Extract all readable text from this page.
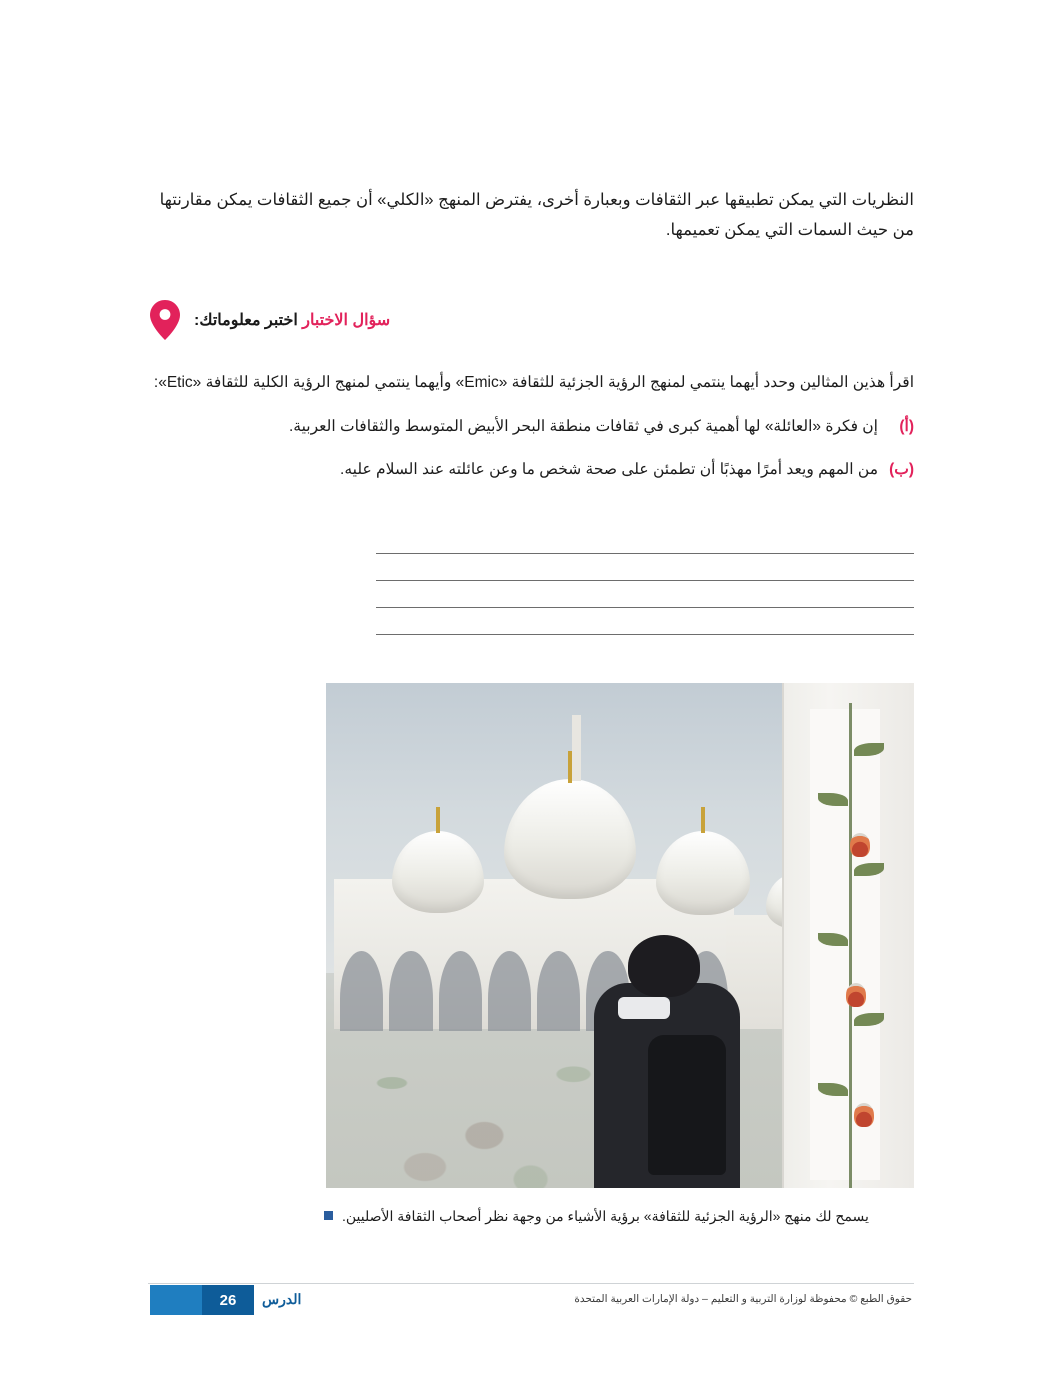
النظريات التي يمكن تطبيقها عبر الثقافات وبعبارة أخرى، يفترض المنهج «الكلي» أن جميع الثقافات يمكن مقارنتها من حيث السمات التي يمكن تعميمها.

سؤال الاختبار اختبر معلوماتك:
اقرأ هذين المثالين وحدد أيهما ينتمي لمنهج الرؤية الجزئية للثقافة «Emic» وأيهما ينتمي لمنهج الرؤية الكلية للثقافة «Etic»:
(أ)
إن فكرة «العائلة» لها أهمية كبرى في ثقافات منطقة البحر الأبيض المتوسط والثقافات العربية.
(ب)
من المهم ويعد أمرًا مهذبًا أن تطمئن على صحة شخص ما وعن عائلته عند السلام عليه.
يسمح لك منهج «الرؤية الجزئية للثقافة» برؤية الأشياء من وجهة نظر أصحاب الثقافة الأصليين.
26	الدرس	حقوق الطبع © محفوظة لوزارة التربية و التعليم – دولة الإمارات العربية المتحدة
